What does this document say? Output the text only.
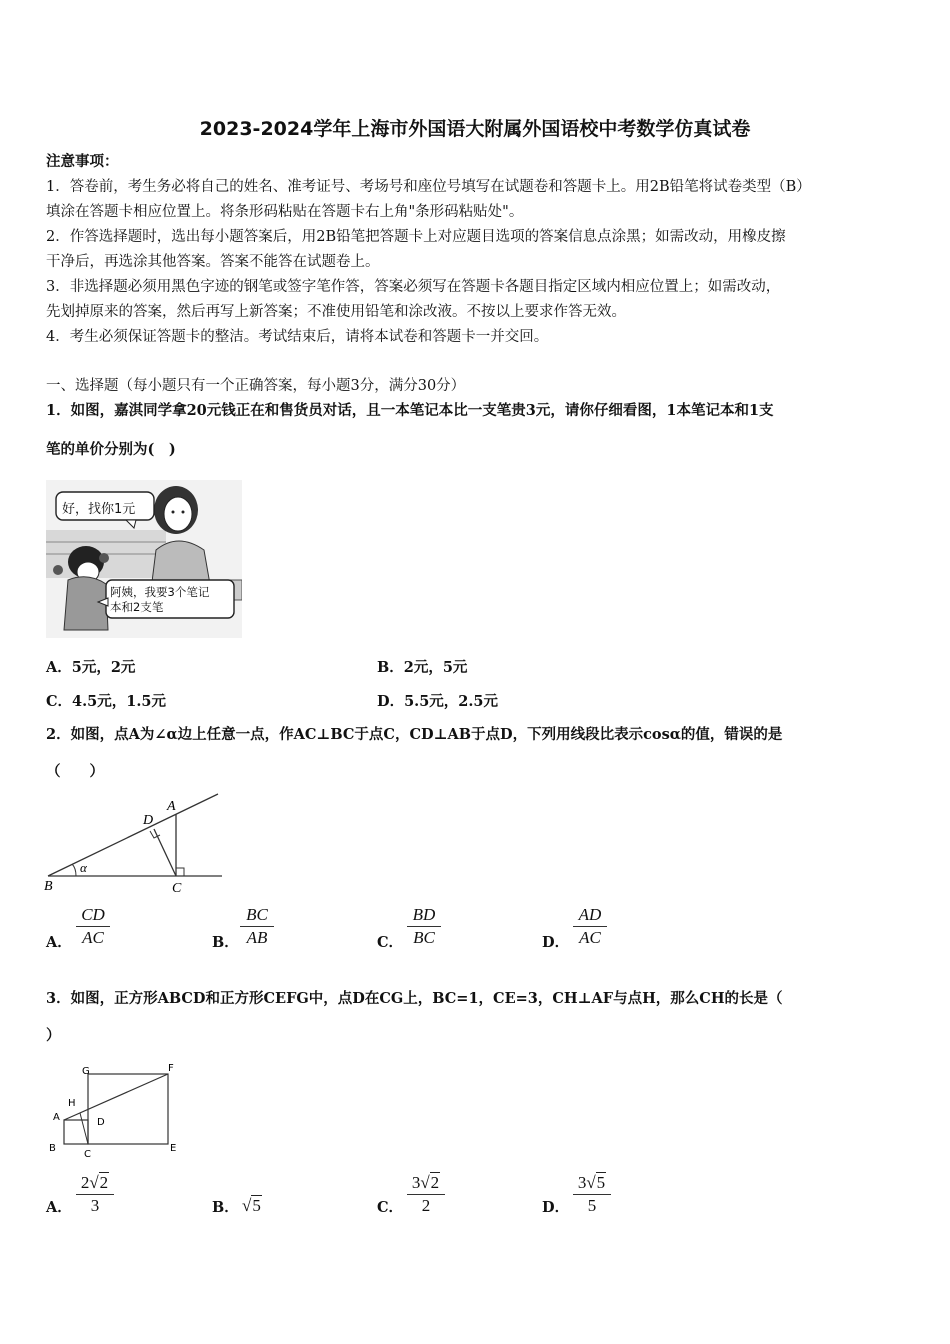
2023-2024学年上海市外国语大附属外国语校中考数学仿真试卷
注意事项：
1．答卷前，考生务必将自己的姓名、准考证号、考场号和座位号填写在试题卷和答题卡上。用2B铅笔将试卷类型（B）
填涂在答题卡相应位置上。将条形码粘贴在答题卡右上角"条形码粘贴处"。
2．作答选择题时，选出每小题答案后，用2B铅笔把答题卡上对应题目选项的答案信息点涂黑；如需改动，用橡皮擦
干净后，再选涂其他答案。答案不能答在试题卷上。
3．非选择题必须用黑色字迹的钢笔或签字笔作答，答案必须写在答题卡各题目指定区域内相应位置上；如需改动，
先划掉原来的答案，然后再写上新答案；不准使用铅笔和涂改液。不按以上要求作答无效。
4．考生必须保证答题卡的整洁。考试结束后，请将本试卷和答题卡一并交回。
一、选择题（每小题只有一个正确答案，每小题3分，满分30分）
1．如图，嘉淇同学拿20元钱正在和售货员对话，且一本笔记本比一支笔贵3元，请你仔细看图，1本笔记本和1支
笔的单价分别为(　)
好，找你1元
阿姨，我要3个笔记
本和2支笔
A．5元，2元	B．2元，5元
C．4.5元，1.5元	D．5.5元，2.5元
2．如图，点A为∠α边上任意一点，作AC⊥BC于点C，CD⊥AB于点D，下列用线段比表示cosα的值，错误的是
（　　）
B	C
A
D
α
A． $\frac{CD}{AC}$	B． $\frac{BC}{AB}$	C． $\frac{BD}{BC}$	D． $\frac{AD}{AC}$
3．如图，正方形ABCD和正方形CEFG中，点D在CG上，BC=1，CE=3，CH⊥AF与点H，那么CH的长是（
）
G	F
H
A	D
B
C
E
A． $\frac{2√2}{3}$	B． √5	C． $\frac{3√2}{2}$	D． $\frac{3√5}{5}$
